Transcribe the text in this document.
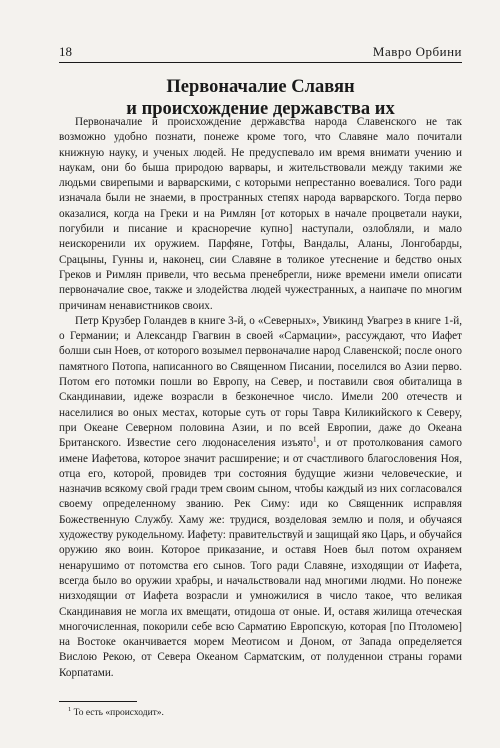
18	Мавро Орбини
Первоначалие Славян
и происхождение державства их

Первоначалие и происхождение державства народа Славенского не так возможно удобно познати, понеже кроме того, что Славяне мало почитали книжную науку, и ученых людей. Не предуспевало им время внимати учению и наукам, они бо быша природою варвары, и жительствовали между такими же людьми свирепыми и варварскими, с которыми непрестанно воевалися. Того ради изначала были не знаеми, в пространных степях народа варварского. Тогда перво оказалися, когда на Греки и на Римлян [от которых в начале процветали науки, погубили и писание и красноречие купно] наступали, озлобляли, и мало неискоренили их оружием. Парфяне, Готфы, Вандалы, Аланы, Лонгобарды, Срацыны, Гунны и, наконец, сии Славяне в толикое утеснение и бедство оных Греков и Римлян привели, что весьма пренебрегли, ниже времени имели описати первоначалие свое, также и злодейства людей чужестранных, а наипаче по многим причинам ненавистников своих.

Петр Крузбер Голандев в книге 3-й, о «Северных», Увикинд Увагрез в книге 1-й, о Германии; и Александр Гвагвин в своей «Сармации», рассуждают, что Иафет болши сын Ноев, от которого возымел первоначалие народ Славенской; после оного памятного Потопа, написанного во Священном Писании, поселился во Азии перво. Потом его потомки пошли во Европу, на Север, и поставили своя обиталища в Скандинавии, идеже возрасли в безконечное число. Имели 200 отечеств и населилися во оных местах, которые суть от горы Тавра Киликийского к Северу, при Океане Северном половина Азии, и по всей Европии, даже до Океана Британского. Известие сего людонаселения изъято$^1$, и от протолкования самого имене Иафетова, которое значит расширение; и от счастливого благословения Ноя, отца его, которой, провидев три состояния будущие жизни человеческие, и назначив всякому свой гради трем своим сыном, чтобы каждый из них согласовался своему определенному званию. Рек Симу: иди ко Священник исправляя Божественную Службу. Хаму же: трудися, возделовая землю и поля, и обучаяся художеству рукодельному. Иафету: правительствуй и защищай яко Царь, и обучайся оружию яко воин. Которое приказание, и оставя Ноев был потом охраняем ненарушимо от потомства его сынов. Того ради Славяне, изходящии от Иафета, всегда было во оружии храбры, и начальствовали над многими людми. Но понеже низходящии от Иафета возрасли и умножилися в число такое, что великая Скандинавия не могла их вмещати, отидоша от оные. И, оставя жилища отеческая многочисленная, покорили себе всю Сарматию Европскую, которая [по Птоломею] на Востоке оканчивается морем Меотисом и Доном, от Запада определяется Вислою Рекою, от Севера Океаном Сарматским, от полуденнои страны горами Корпатами.

$^1$ То есть «происходит».
